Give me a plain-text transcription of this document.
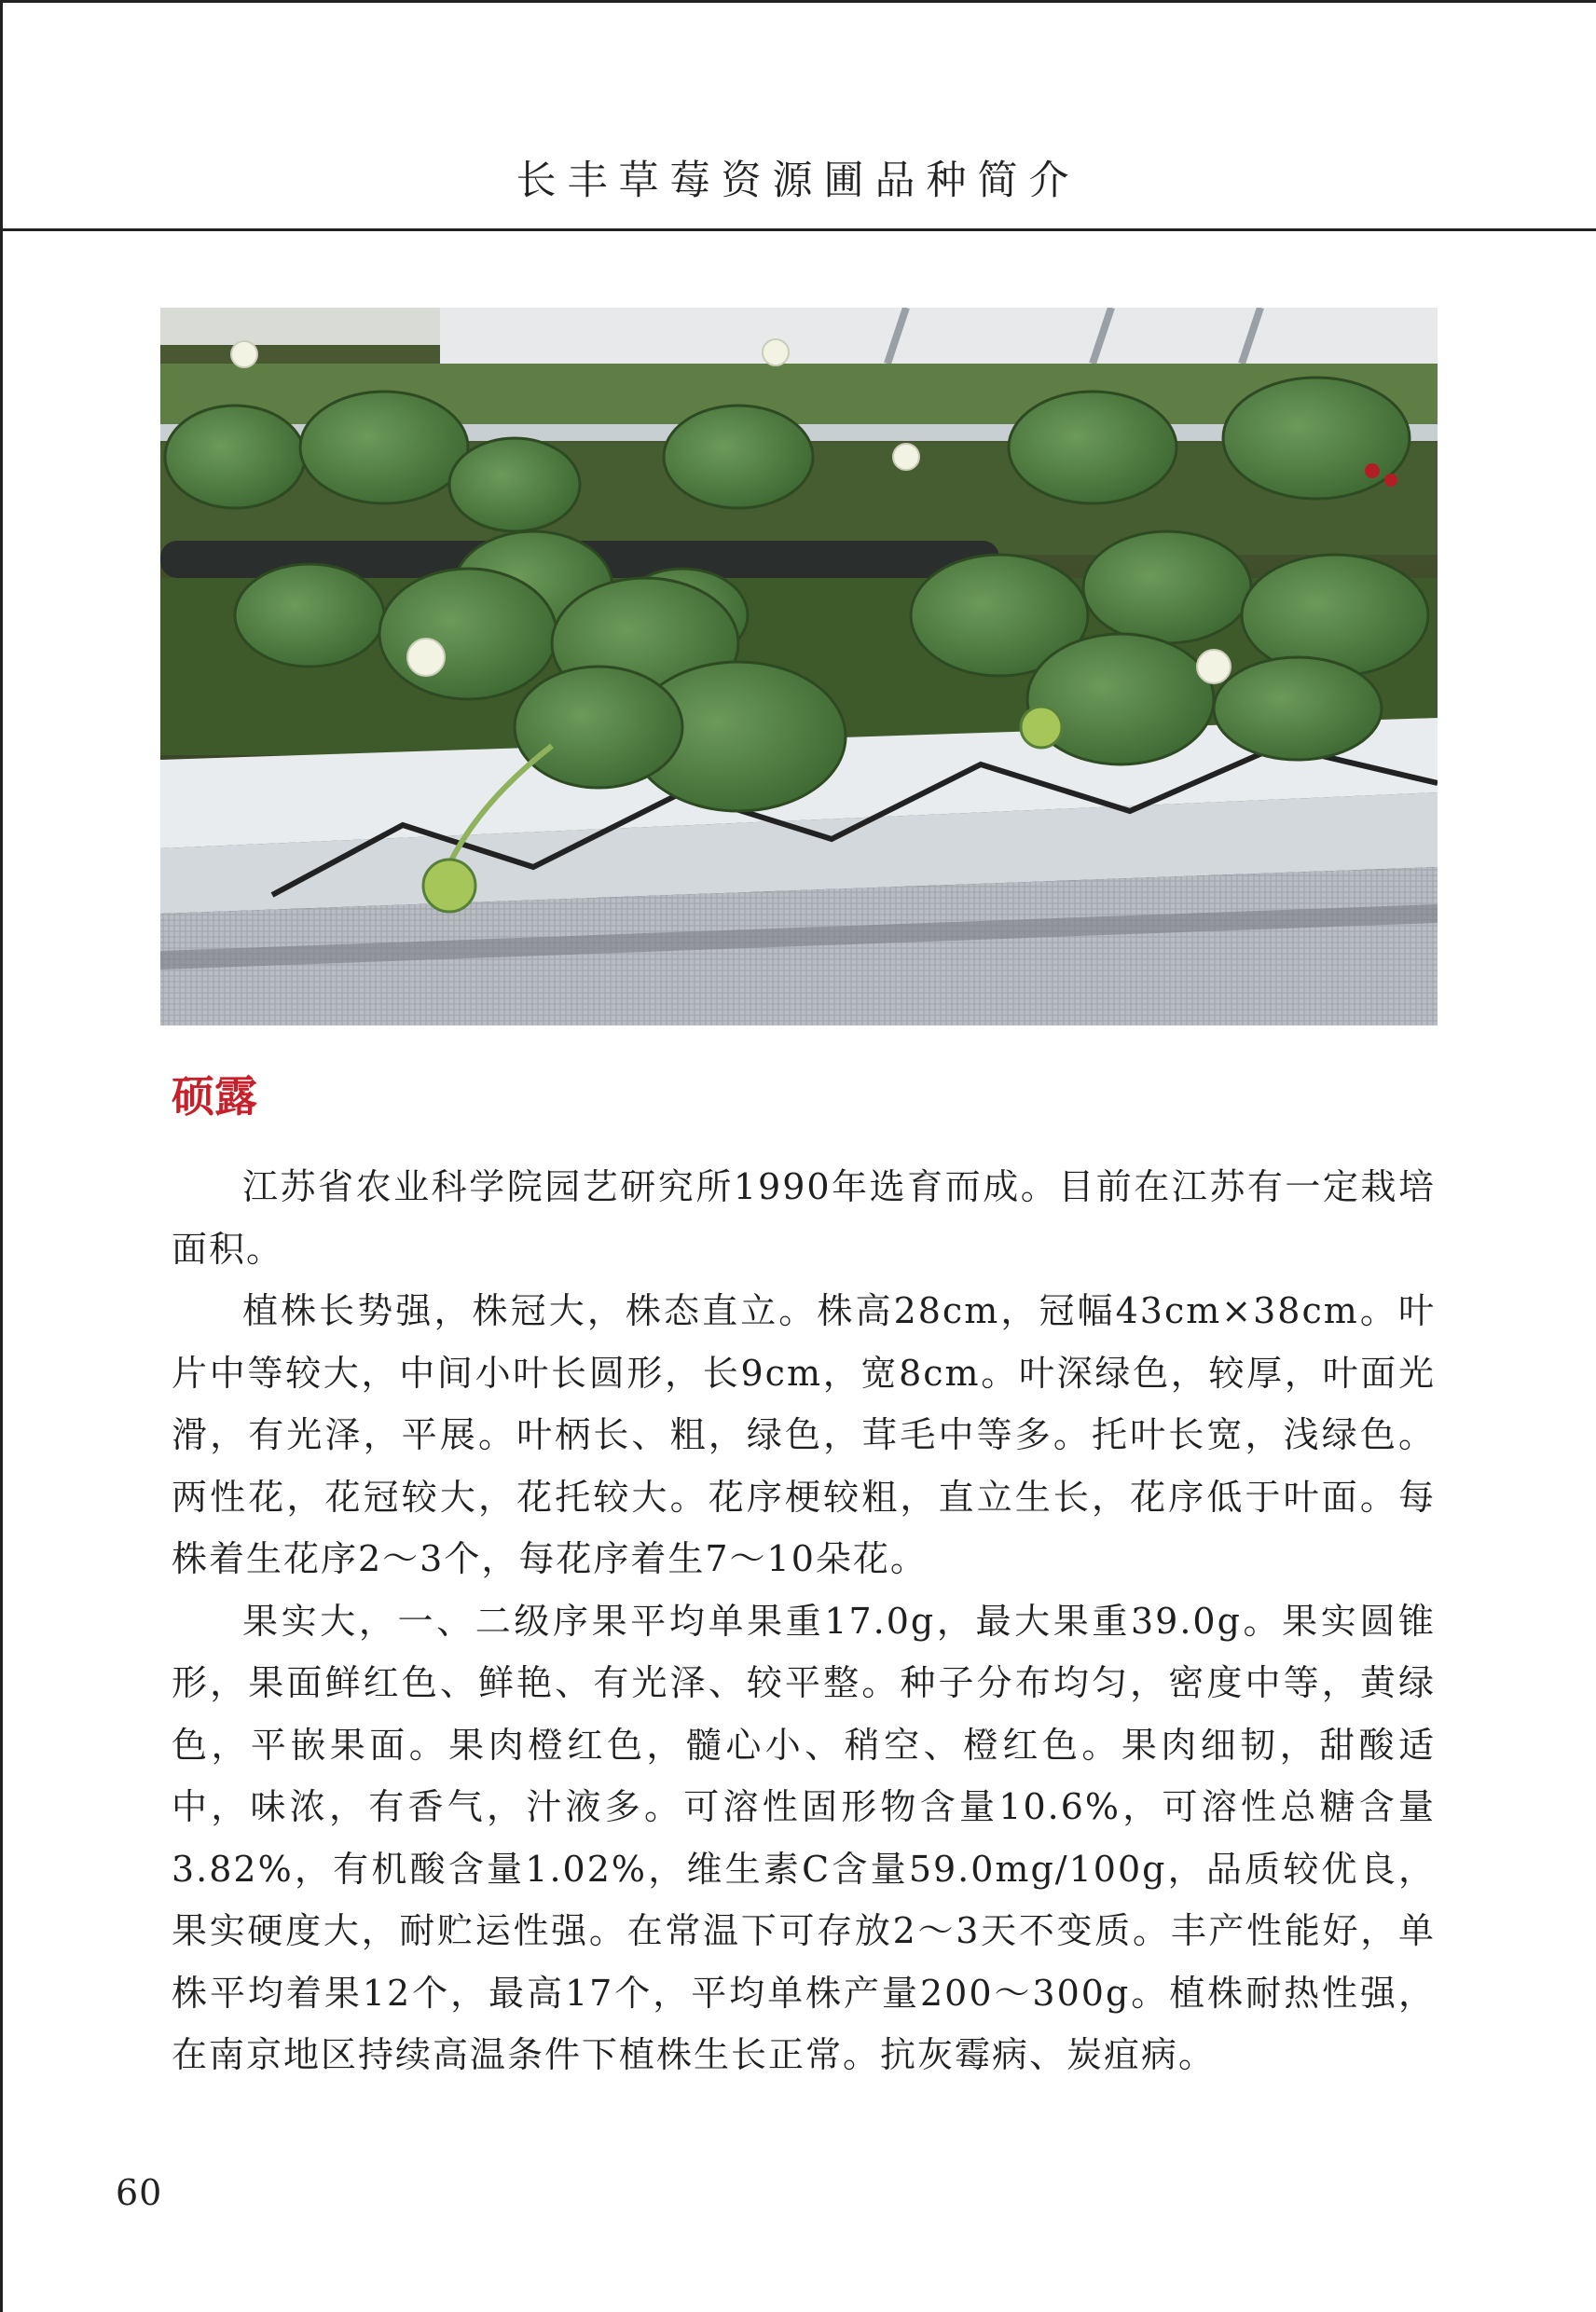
长丰草莓资源圃品种简介
硕露

江苏省农业科学院园艺研究所1990年选育而成。目前在江苏有一定栽培面积。

植株长势强，株冠大，株态直立。株高28cm，冠幅43cm×38cm。叶片中等较大，中间小叶长圆形，长9cm，宽8cm。叶深绿色，较厚，叶面光滑，有光泽，平展。叶柄长、粗，绿色，茸毛中等多。托叶长宽，浅绿色。两性花，花冠较大，花托较大。花序梗较粗，直立生长，花序低于叶面。每株着生花序2～3个，每花序着生7～10朵花。

果实大，一、二级序果平均单果重17.0g，最大果重39.0g。果实圆锥形，果面鲜红色、鲜艳、有光泽、较平整。种子分布均匀，密度中等，黄绿色，平嵌果面。果肉橙红色，髓心小、稍空、橙红色。果肉细韧，甜酸适中，味浓，有香气，汁液多。可溶性固形物含量10.6%，可溶性总糖含量3.82%，有机酸含量1.02%，维生素C含量59.0mg/100g，品质较优良，果实硬度大，耐贮运性强。在常温下可存放2～3天不变质。丰产性能好，单株平均着果12个，最高17个，平均单株产量200～300g。植株耐热性强，在南京地区持续高温条件下植株生长正常。抗灰霉病、炭疽病。

60
